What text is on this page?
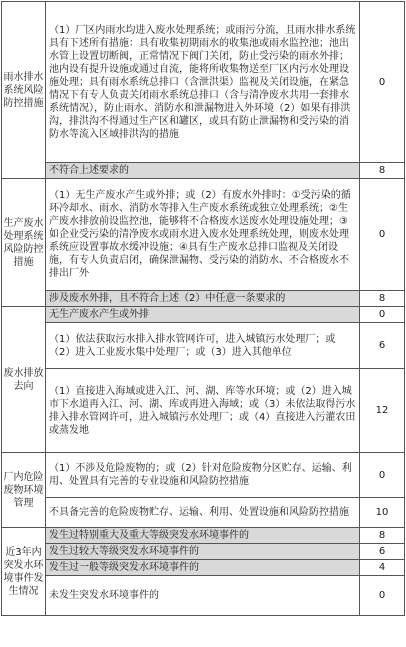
雨水排水系统风险防控措施	（1）厂区内雨水均进入废水处理系统；或雨污分流，且雨水排水系统具有下述所有措施：具有收集初期雨水的收集池或雨水监控池；池出水管上设置切断阀，正常情况下阀门关闭，防止受污染的雨水外排；池内设有提升设施或通过自流，能将所收集物送至厂区内污水处理设施处理；具有雨水系统总排口（含泄洪渠）监视及关闭设施，在紧急情况下有专人负责关闭雨水系统总排口（含与清净废水共用一套排水系统情况），防止雨水、消防水和泄漏物进入外环境（2）如果有排洪沟，排洪沟不得通过生产区和罐区，或具有防止泄漏物和受污染的消防水等流入区域排洪沟的措施	0
	不符合上述要求的	8
生产废水处理系统风险防控措施	（1）无生产废水产生或外排；或（2）有废水外排时：①受污染的循环冷却水、雨水、消防水等排入生产废水系统或独立处理系统；②生产废水排放前设监控池，能够将不合格废水送废水处理设施处理；③如企业受污染的清净废水或雨水进入废水处理系统处理，则废水处理系统应设置事故水缓冲设施；④具有生产废水总排口监视及关闭设施，有专人负责启闭，确保泄漏物、受污染的消防水、不合格废水不排出厂外	0
	涉及废水外排，且不符合上述（2）中任意一条要求的	8
废水排放去向	无生产废水产生或外排	0
	（1）依法获取污水排入排水管网许可，进入城镇污水处理厂；或（2）进入工业废水集中处理厂；或（3）进入其他单位	6
	（1）直接进入海域或进入江、河、湖、库等水环境；或（2）进入城市下水道再入江、河、湖、库或再进入海域；或（3）未依法取得污水排入排水管网许可，进入城镇污水处理厂；或（4）直接进入污灌农田或蒸发地	12
厂内危险废物环境管理	（1）不涉及危险废物的；或（2）针对危险废物分区贮存、运输、利用、处置具有完善的专业设施和风险防控措施	0
	不具备完善的危险废物贮存、运输、利用、处置设施和风险防控措施	10
近3年内突发水环境事件发生情况	发生过特别重大及重大等级突发水环境事件的	8
	发生过较大等级突发水环境事件的	6
	发生过一般等级突发水环境事件的	4
	未发生突发水环境事件的	0
